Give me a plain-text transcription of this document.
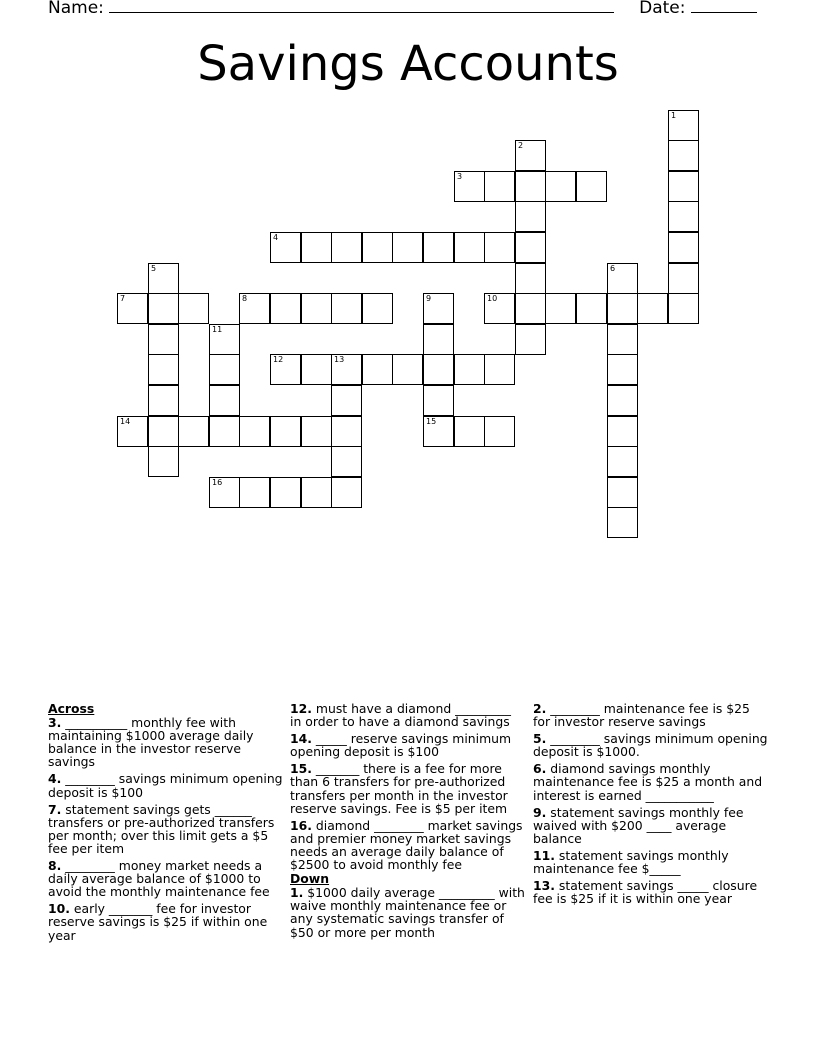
Name:	Date:
Savings Accounts
1
2
3
4
5	6
7	8	9	10
11
12	13
14	15
16
Across
3. __________ monthly fee with maintaining $1000 average daily balance in the investor reserve savings
4. ________ savings minimum opening deposit is $100
7. statement savings gets ______ transfers or pre-authorized transfers per month; over this limit gets a $5 fee per item
8. ________ money market needs a daily average balance of $1000 to avoid the monthly maintenance fee
10. early _______ fee for investor reserve savings is $25 if within one year
12. must have a diamond _________ in order to have a diamond savings
14. _____ reserve savings minimum opening deposit is $100
15. _______ there is a fee for more than 6 transfers for pre-authorized transfers per month in the investor reserve savings. Fee is $5 per item
16. diamond ________ market savings and premier money market savings needs an average daily balance of $2500 to avoid monthly fee
Down
1. $1000 daily average _________ with waive monthly maintenance fee or any systematic savings transfer of $50 or more per month
2. ________ maintenance fee is $25 for investor reserve savings
5. ________ savings minimum opening deposit is $1000.
6. diamond savings monthly maintenance fee is $25 a month and interest is earned ___________
9. statement savings monthly fee waived with $200 ____ average balance
11. statement savings monthly maintenance fee $_____
13. statement savings _____ closure fee is $25 if it is within one year
